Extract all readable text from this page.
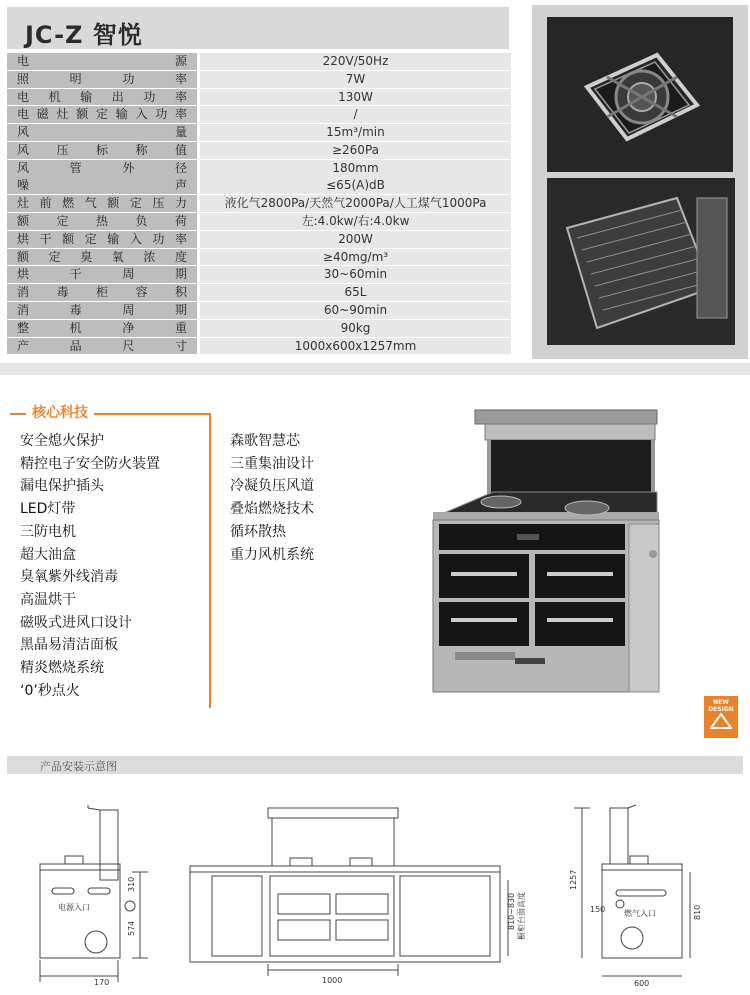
JC-Z 智悦
电　　　　源	220V/50Hz
照　明　功　率	7W
电机输出功率	130W
电磁灶额定输入功率	/
风　　　　量	15m³/min
风　压　标　称　值	≥260Pa
风　管　外　径	180mm
噪　　　　声	≤65(A)dB
灶前燃气额定压力	液化气2800Pa/天然气2000Pa/人工煤气1000Pa
额　定　热　负　荷	左:4.0kw/右:4.0kw
烘干额定输入功率	200W
额定臭氧浓度	≥40mg/m³
烘　干　周　期	30~60min
消　毒　柜　容　积	65L
消　毒　周　期	60~90min
整　机　净　重	90kg
产　品　尺　寸	1000x600x1257mm
核心科技
安全熄火保护
精控电子安全防火装置
漏电保护插头
LED灯带
三防电机
超大油盒
臭氧紫外线消毒
高温烘干
磁吸式进风口设计
黑晶易清洁面板
精炎燃烧系统
‘0’秒点火
森歌智慧芯
三重集油设计
冷凝负压风道
叠焰燃烧技术
循环散热
重力风机系统
NEW
DESIGN
产品安装示意图
310
574
170
电源入口
1000
810~830 橱柜台面高度
1257
810
150 燃气入口
600
